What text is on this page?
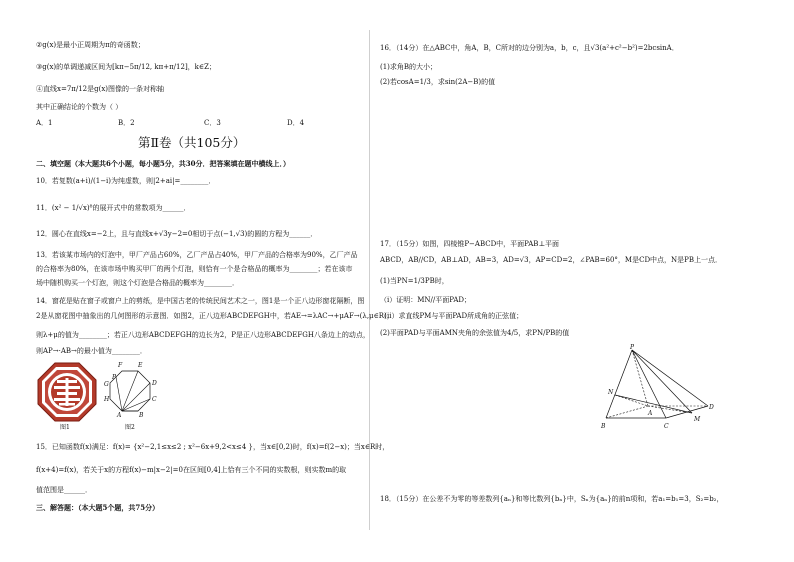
②g(x)是最小正周期为π的奇函数；
③g(x)的单调递减区间为[kπ−5π/12, kπ+π/12]，k∈Z；
④直线x=7π/12是g(x)图像的一条对称轴
其中正确结论的个数为（ ）
A．1	B．2	C．3	D．4
第Ⅱ卷（共105分）
二、填空题（本大题共6个小题，每小题5分，共30分．把答案填在题中横线上．）
10．若复数(a+i)/(1−i)为纯虚数，则|2+ai|=________．
11．(x² − 1/√x)⁸的展开式中的常数项为______．
12．圆心在直线x=−2上，且与直线x+√3y−2=0相切于点(−1,√3)的圆的方程为______．
13．若该某市场内的灯泡中，甲厂产品占60%，乙厂产品占40%，甲厂产品的合格率为90%，乙厂产品
的合格率为80%，在该市场中购买甲厂的两个灯泡，则恰有一个是合格品的概率为________；若在该市
场中随机购买一个灯泡，则这个灯泡是合格品的概率为________．
14．窗花是贴在窗子或窗户上的剪纸，是中国古老的传统民间艺术之一，图1是一个正八边形窗花隔断，图
2是从窗花图中抽象出的几何图形的示意图．如图2，正八边形ABCDEFGH中，若AE→=λAC→+μAF→(λ,μ∈R)，
则λ+μ的值为________；若正八边形ABCDEFGH的边长为2，P是正八边形ABCDEFGH八条边上的动点，
则AP→·AB→的最小值为________．
图1
F	E
P
G	D
H	C
A	B
图2
15．已知函数f(x)满足：f(x)= {x²−2,1≤x≤2 ; x²−6x+9,2<x≤4 }，当x∈[0,2)时，f(x)=f(2−x)；当x∈R时，
f(x+4)=f(x)，若关于x的方程f(x)−m|x−2|=0在区间[0,4]上恰有三个不同的实数根，则实数m的取
值范围是______．
三、解答题：（本大题5个题，共75分）
16．（14分）在△ABC中，角A，B，C所对的边分别为a，b，c，且√3(a²+c²−b²)=2bcsinA．
(1)求角B的大小；
(2)若cosA=1/3，求sin(2A−B)的值
17．（15分）如图，四棱锥P−ABCD中，平面PAB⊥平面
ABCD，AB//CD，AB⊥AD，AB=3，AD=√3，AP=CD=2，∠PAB=60°，M是CD中点，N是PB上一点．
(1)当PN=1/3PB时，
（i）证明：MN//平面PAD；
（ii）求直线PM与平面PAD所成角的正弦值；
(2)平面PAD与平面AMN夹角的余弦值为4/5，求PN/PB的值
P
N
A
D
B	C
M
18．（15分）在公差不为零的等差数列{aₙ}和等比数列{bₙ}中，Sₙ为{aₙ}的前n项和，若a₁=b₁=3，S₂=b₂，
